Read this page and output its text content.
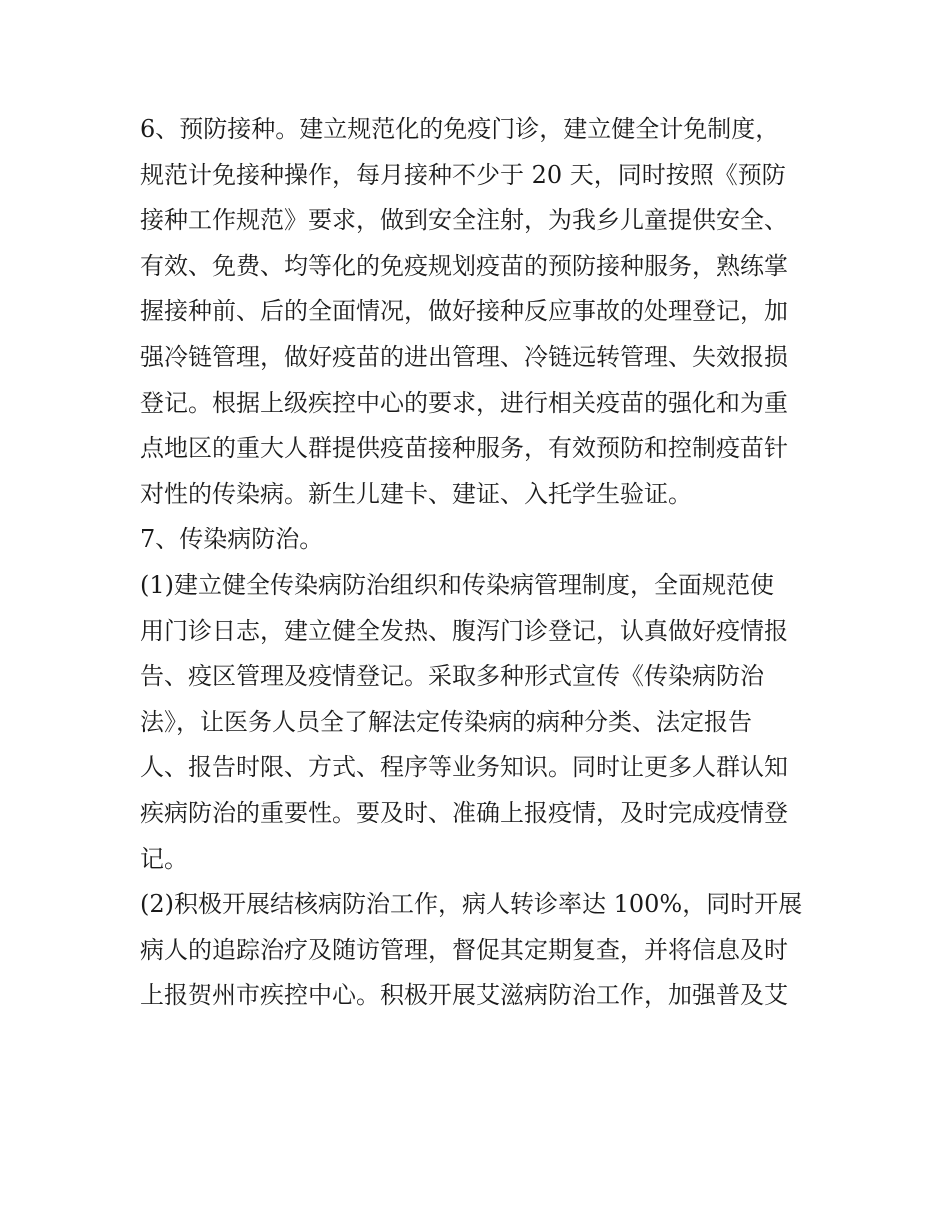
6、预防接种。建立规范化的免疫门诊，建立健全计免制度，
规范计免接种操作，每月接种不少于 20 天，同时按照《预防
接种工作规范》要求，做到安全注射，为我乡儿童提供安全、
有效、免费、均等化的免疫规划疫苗的预防接种服务，熟练掌
握接种前、后的全面情况，做好接种反应事故的处理登记，加
强冷链管理，做好疫苗的进出管理、冷链远转管理、失效报损
登记。根据上级疾控中心的要求，进行相关疫苗的强化和为重
点地区的重大人群提供疫苗接种服务，有效预防和控制疫苗针
对性的传染病。新生儿建卡、建证、入托学生验证。
7、传染病防治。
(1)建立健全传染病防治组织和传染病管理制度，全面规范使
用门诊日志，建立健全发热、腹泻门诊登记，认真做好疫情报
告、疫区管理及疫情登记。采取多种形式宣传《传染病防治
法》，让医务人员全了解法定传染病的病种分类、法定报告
人、报告时限、方式、程序等业务知识。同时让更多人群认知
疾病防治的重要性。要及时、准确上报疫情，及时完成疫情登
记。
(2)积极开展结核病防治工作，病人转诊率达 100%，同时开展
病人的追踪治疗及随访管理，督促其定期复查，并将信息及时
上报贺州市疾控中心。积极开展艾滋病防治工作，加强普及艾
